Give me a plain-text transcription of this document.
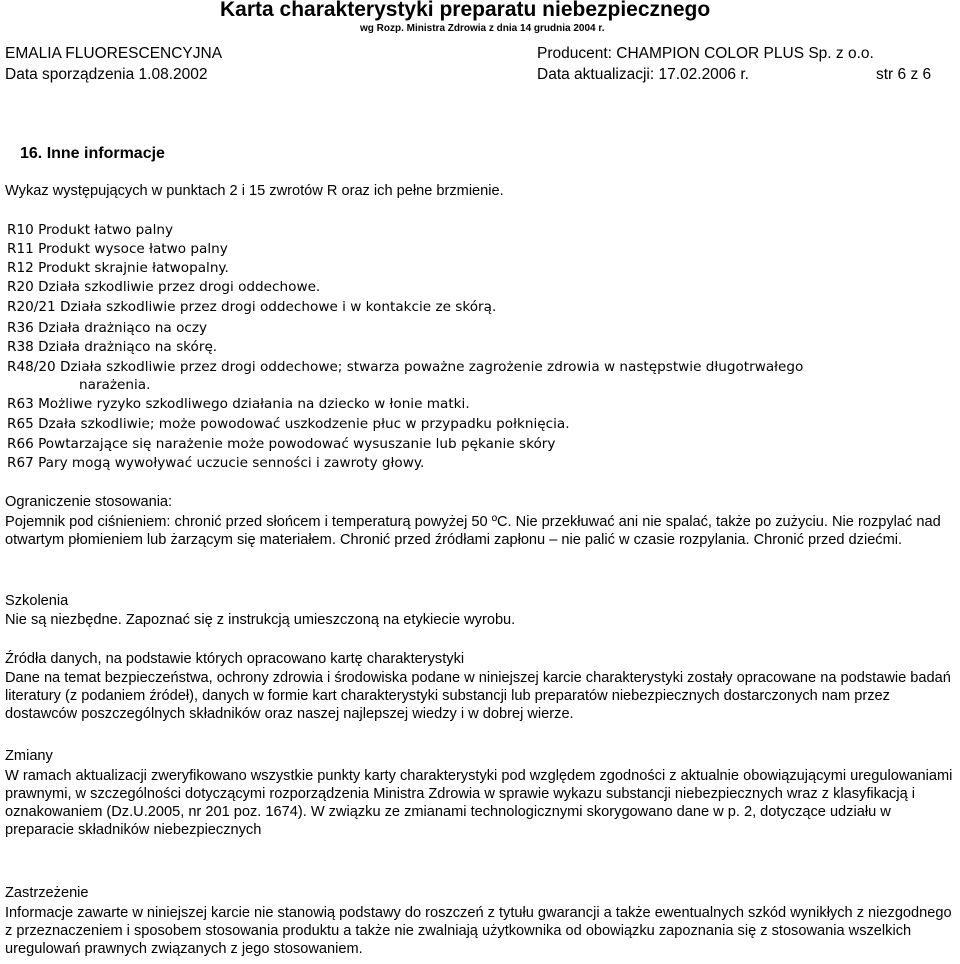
Karta charakterystyki preparatu niebezpiecznego
wg Rozp. Ministra Zdrowia z dnia 14 grudnia 2004 r.
EMALIA FLUORESCENCYJNA	Producent: CHAMPION COLOR PLUS Sp. z o.o.
Data sporządzenia 1.08.2002	Data aktualizacji: 17.02.2006 r.	str 6 z 6
16. Inne informacje
Wykaz występujących w punktach 2 i 15 zwrotów R oraz ich pełne brzmienie.
R10 Produkt łatwo palny
R11 Produkt wysoce łatwo palny
R12 Produkt skrajnie łatwopalny.
R20 Działa szkodliwie przez drogi oddechowe.
R20/21 Działa szkodliwie przez drogi oddechowe i w kontakcie ze skórą.
R36 Działa drażniąco na oczy
R38 Działa drażniąco na skórę.
R48/20 Działa szkodliwie przez drogi oddechowe; stwarza poważne zagrożenie zdrowia w następstwie długotrwałego
narażenia.
R63 Możliwe ryzyko szkodliwego działania na dziecko w łonie matki.
R65 Dzała szkodliwie; może powodować uszkodzenie płuc w przypadku połknięcia.
R66 Powtarzające się narażenie może powodować wysuszanie lub pękanie skóry
R67 Pary mogą wywoływać uczucie senności i zawroty głowy.
Ograniczenie stosowania:
Pojemnik pod ciśnieniem: chronić przed słońcem i temperaturą powyżej 50 ºC. Nie przekłuwać ani nie spalać, także po zużyciu. Nie rozpylać nad otwartym płomieniem lub żarzącym się materiałem. Chronić przed źródłami zapłonu – nie palić w czasie rozpylania. Chronić przed dziećmi.
Szkolenia
Nie są niezbędne. Zapoznać się z instrukcją umieszczoną na etykiecie wyrobu.
Źródła danych, na podstawie których opracowano kartę charakterystyki
Dane na temat bezpieczeństwa, ochrony zdrowia i środowiska podane w niniejszej karcie charakterystyki zostały opracowane na podstawie badań literatury (z podaniem źródeł), danych w formie kart charakterystyki substancji lub preparatów niebezpiecznych dostarczonych nam przez dostawców poszczególnych składników oraz naszej najlepszej wiedzy i w dobrej wierze.
Zmiany
W ramach aktualizacji zweryfikowano wszystkie punkty karty charakterystyki pod względem zgodności z aktualnie obowiązującymi uregulowaniami prawnymi, w szczególności dotyczącymi rozporządzenia Ministra Zdrowia w sprawie wykazu substancji niebezpiecznych wraz z klasyfikacją i oznakowaniem (Dz.U.2005, nr 201 poz. 1674). W związku ze zmianami technologicznymi skorygowano dane w p. 2, dotyczące udziału w preparacie składników niebezpiecznych
Zastrzeżenie
Informacje zawarte w niniejszej karcie nie stanowią podstawy do roszczeń z tytułu gwarancji a także ewentualnych szkód wynikłych z niezgodnego z przeznaczeniem i sposobem stosowania produktu a także nie zwalniają użytkownika od obowiązku zapoznania się z stosowania wszelkich uregulowań prawnych związanych z jego stosowaniem.
